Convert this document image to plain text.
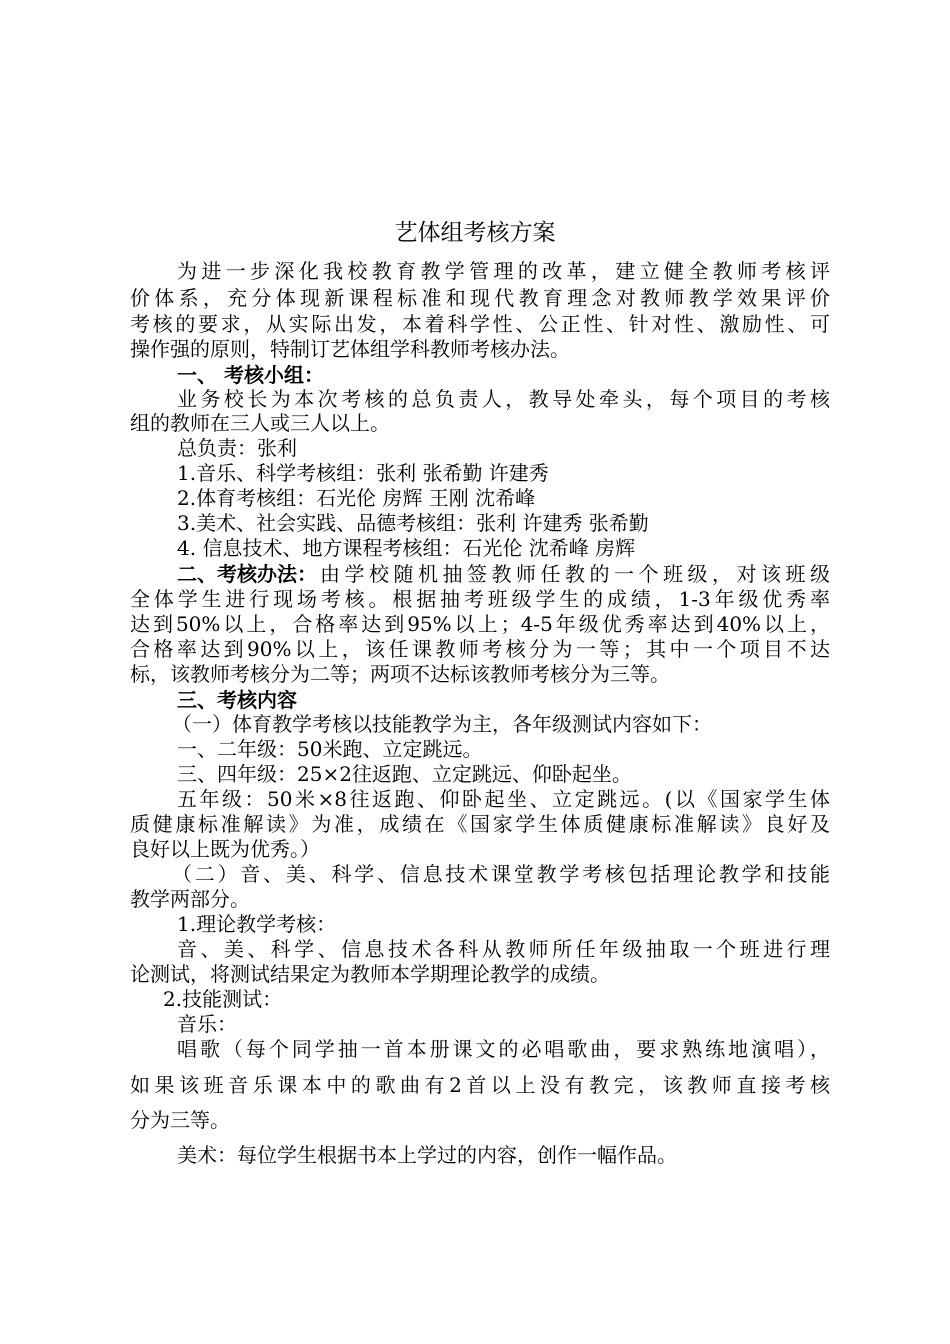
艺体组考核方案
为进一步深化我校教育教学管理的改革，建立健全教师考核评
价体系，充分体现新课程标准和现代教育理念对教师教学效果评价
考核的要求，从实际出发，本着科学性、公正性、针对性、激励性、可
操作强的原则，特制订艺体组学科教师考核办法。
一、 考核小组：
业务校长为本次考核的总负责人，教导处牵头，每个项目的考核
组的教师在三人或三人以上。
总负责：张利
1.音乐、科学考核组：张利 张希勤 许建秀
2.体育考核组：石光伦 房辉 王刚 沈希峰
3.美术、社会实践、品德考核组：张利 许建秀 张希勤
4. 信息技术、地方课程考核组：石光伦 沈希峰 房辉
二、考核办法： 由学校随机抽签教师任教的一个班级，对该班级
全体学生进行现场考核。根据抽考班级学生的成绩，1-3年级优秀率
达到50%以上，合格率达到95%以上；4-5年级优秀率达到40%以上，
合格率达到90%以上，该任课教师考核分为一等；其中一个项目不达
标，该教师考核分为二等；两项不达标该教师考核分为三等。
三、考核内容
（一）体育教学考核以技能教学为主，各年级测试内容如下：
一、二年级：50米跑、立定跳远。
三、四年级：25×2往返跑、立定跳远、仰卧起坐。
五年级：50米×8往返跑、仰卧起坐、立定跳远。(以《国家学生体
质健康标准解读》为准，成绩在《国家学生体质健康标准解读》良好及
良好以上既为优秀。）
（二）音、美、科学、信息技术课堂教学考核包括理论教学和技能
教学两部分。
1.理论教学考核：
音、美、科学、信息技术各科从教师所任年级抽取一个班进行理
论测试，将测试结果定为教师本学期理论教学的成绩。
2.技能测试：
音乐：
唱歌（每个同学抽一首本册课文的必唱歌曲，要求熟练地演唱），
如果该班音乐课本中的歌曲有2首以上没有教完，该教师直接考核
分为三等。
美术：每位学生根据书本上学过的内容，创作一幅作品。
